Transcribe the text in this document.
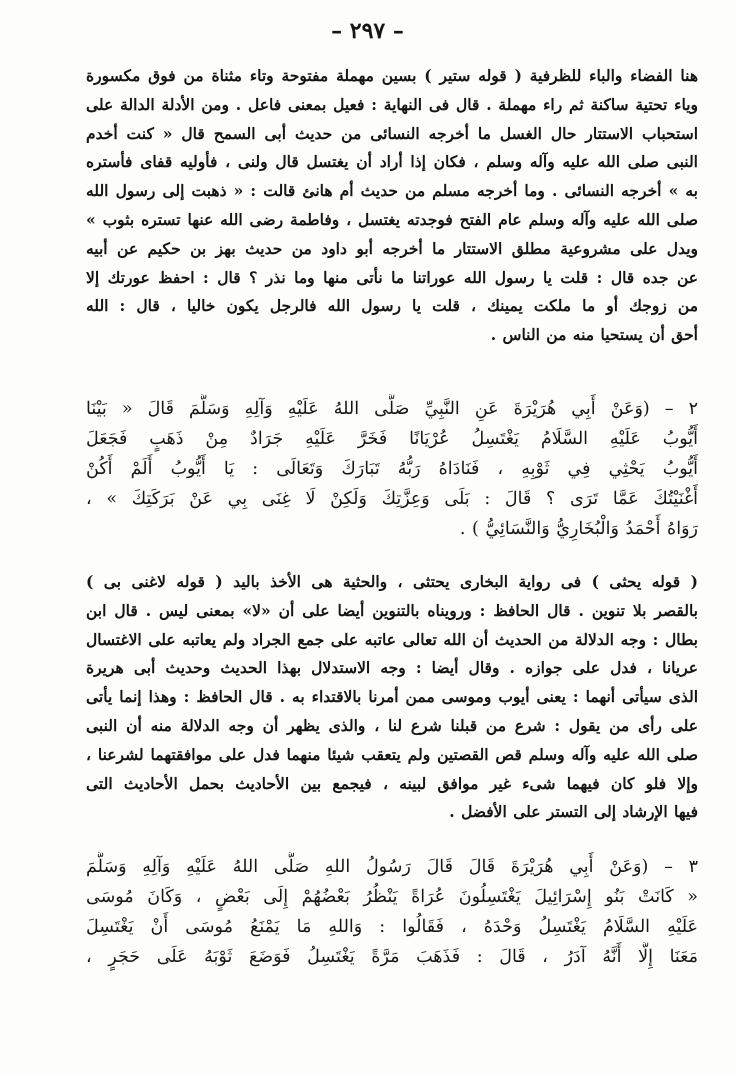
– ٢٩٧ –
هنا الفضاء والباء للظرفية ( قوله ستير ) بسين مهملة مفتوحة وتاء مثناة من فوق مكسورة
وياء تحتية ساكنة ثم راء مهملة . قال فى النهاية : فعيل بمعنى فاعل . ومن الأدلة الدالة على
استحباب الاستتار حال الغسل ما أخرجه النسائى من حديث أبى السمح قال « كنت أخدم
النبى صلى الله عليه وآله وسلم ، فكان إذا أراد أن يغتسل قال ولنى ، فأوليه قفاى فأستره
به » أخرجه النسائى . وما أخرجه مسلم من حديث أم هانئ قالت : « ذهبت إلى رسول الله
صلى الله عليه وآله وسلم عام الفتح فوجدته يغتسل ، وفاطمة رضى الله عنها تستره بثوب »
ويدل على مشروعية مطلق الاستتار ما أخرجه أبو داود من حديث بهز بن حكيم عن أبيه
عن جده قال : قلت يا رسول الله عوراتنا ما نأتى منها وما نذر ؟ قال : احفظ عورتك إلا
من زوجك أو ما ملكت يمينك ، قلت يا رسول الله فالرجل يكون خاليا ، قال : الله
أحق أن يستحيا منه من الناس .
٢ – (وَعَنْ أَبِي هُرَيْرَةَ عَنِ النَّبِيِّ صَلَّى اللهُ عَلَيْهِ وَآلِهِ وَسَلَّمَ قَالَ « بَيْنَا
أَيُّوبُ عَلَيْهِ السَّلَامُ يَغْتَسِلُ عُرْيَانًا فَخَرَّ عَلَيْهِ جَرَادٌ مِنْ ذَهَبٍ فَجَعَلَ
أَيُّوبُ يَحْثِي فِي ثَوْبِهِ ، فَنَادَاهُ رَبُّهُ تَبَارَكَ وَتَعَالَى : يَا أَيُّوبُ أَلَمْ أَكُنْ
أَغْنَيْتُكَ عَمَّا تَرَى ؟ قَالَ : بَلَى وَعِزَّتِكَ وَلَكِنْ لَا غِنَى بِي عَنْ بَرَكَتِكَ » ،
رَوَاهُ أَحْمَدُ وَالْبُخَارِيُّ وَالنَّسَائِيُّ ) .
( قوله يحثى ) فى رواية البخارى يحتثى ، والحثية هى الأخذ باليد ( قوله لاغنى بى )
بالقصر بلا تنوين . قال الحافظ : ورويناه بالتنوين أيضا على أن «لا» بمعنى ليس . قال ابن
بطال : وجه الدلالة من الحديث أن الله تعالى عاتبه على جمع الجراد ولم يعاتبه على الاغتسال
عريانا ، فدل على جوازه . وقال أيضا : وجه الاستدلال بهذا الحديث وحديث أبى هريرة
الذى سيأتى أنهما : يعنى أيوب وموسى ممن أمرنا بالاقتداء به . قال الحافظ : وهذا إنما يأتى
على رأى من يقول : شرع من قبلنا شرع لنا ، والذى يظهر أن وجه الدلالة منه أن النبى
صلى الله عليه وآله وسلم قص القصتين ولم يتعقب شيئا منهما فدل على موافقتهما لشرعنا ،
وإلا فلو كان فيهما شىء غير موافق لبينه ، فيجمع بين الأحاديث بحمل الأحاديث التى
فيها الإرشاد إلى التستر على الأفضل .
٣ – (وَعَنْ أَبِي هُرَيْرَةَ قَالَ قَالَ رَسُولُ اللهِ صَلَّى اللهُ عَلَيْهِ وَآلِهِ وَسَلَّمَ
« كَانَتْ بَنُو إِسْرَائِيلَ يَغْتَسِلُونَ عُرَاةً يَنْظُرُ بَعْضُهُمْ إِلَى بَعْضٍ ، وَكَانَ مُوسَى
عَلَيْهِ السَّلَامُ يَغْتَسِلُ وَحْدَهُ ، فَقَالُوا : وَاللهِ مَا يَمْنَعُ مُوسَى أَنْ يَغْتَسِلَ
مَعَنَا إِلَّا أَنَّهُ آدَرُ ، قَالَ : فَذَهَبَ مَرَّةً يَغْتَسِلُ فَوَضَعَ ثَوْبَهُ عَلَى حَجَرٍ ،
